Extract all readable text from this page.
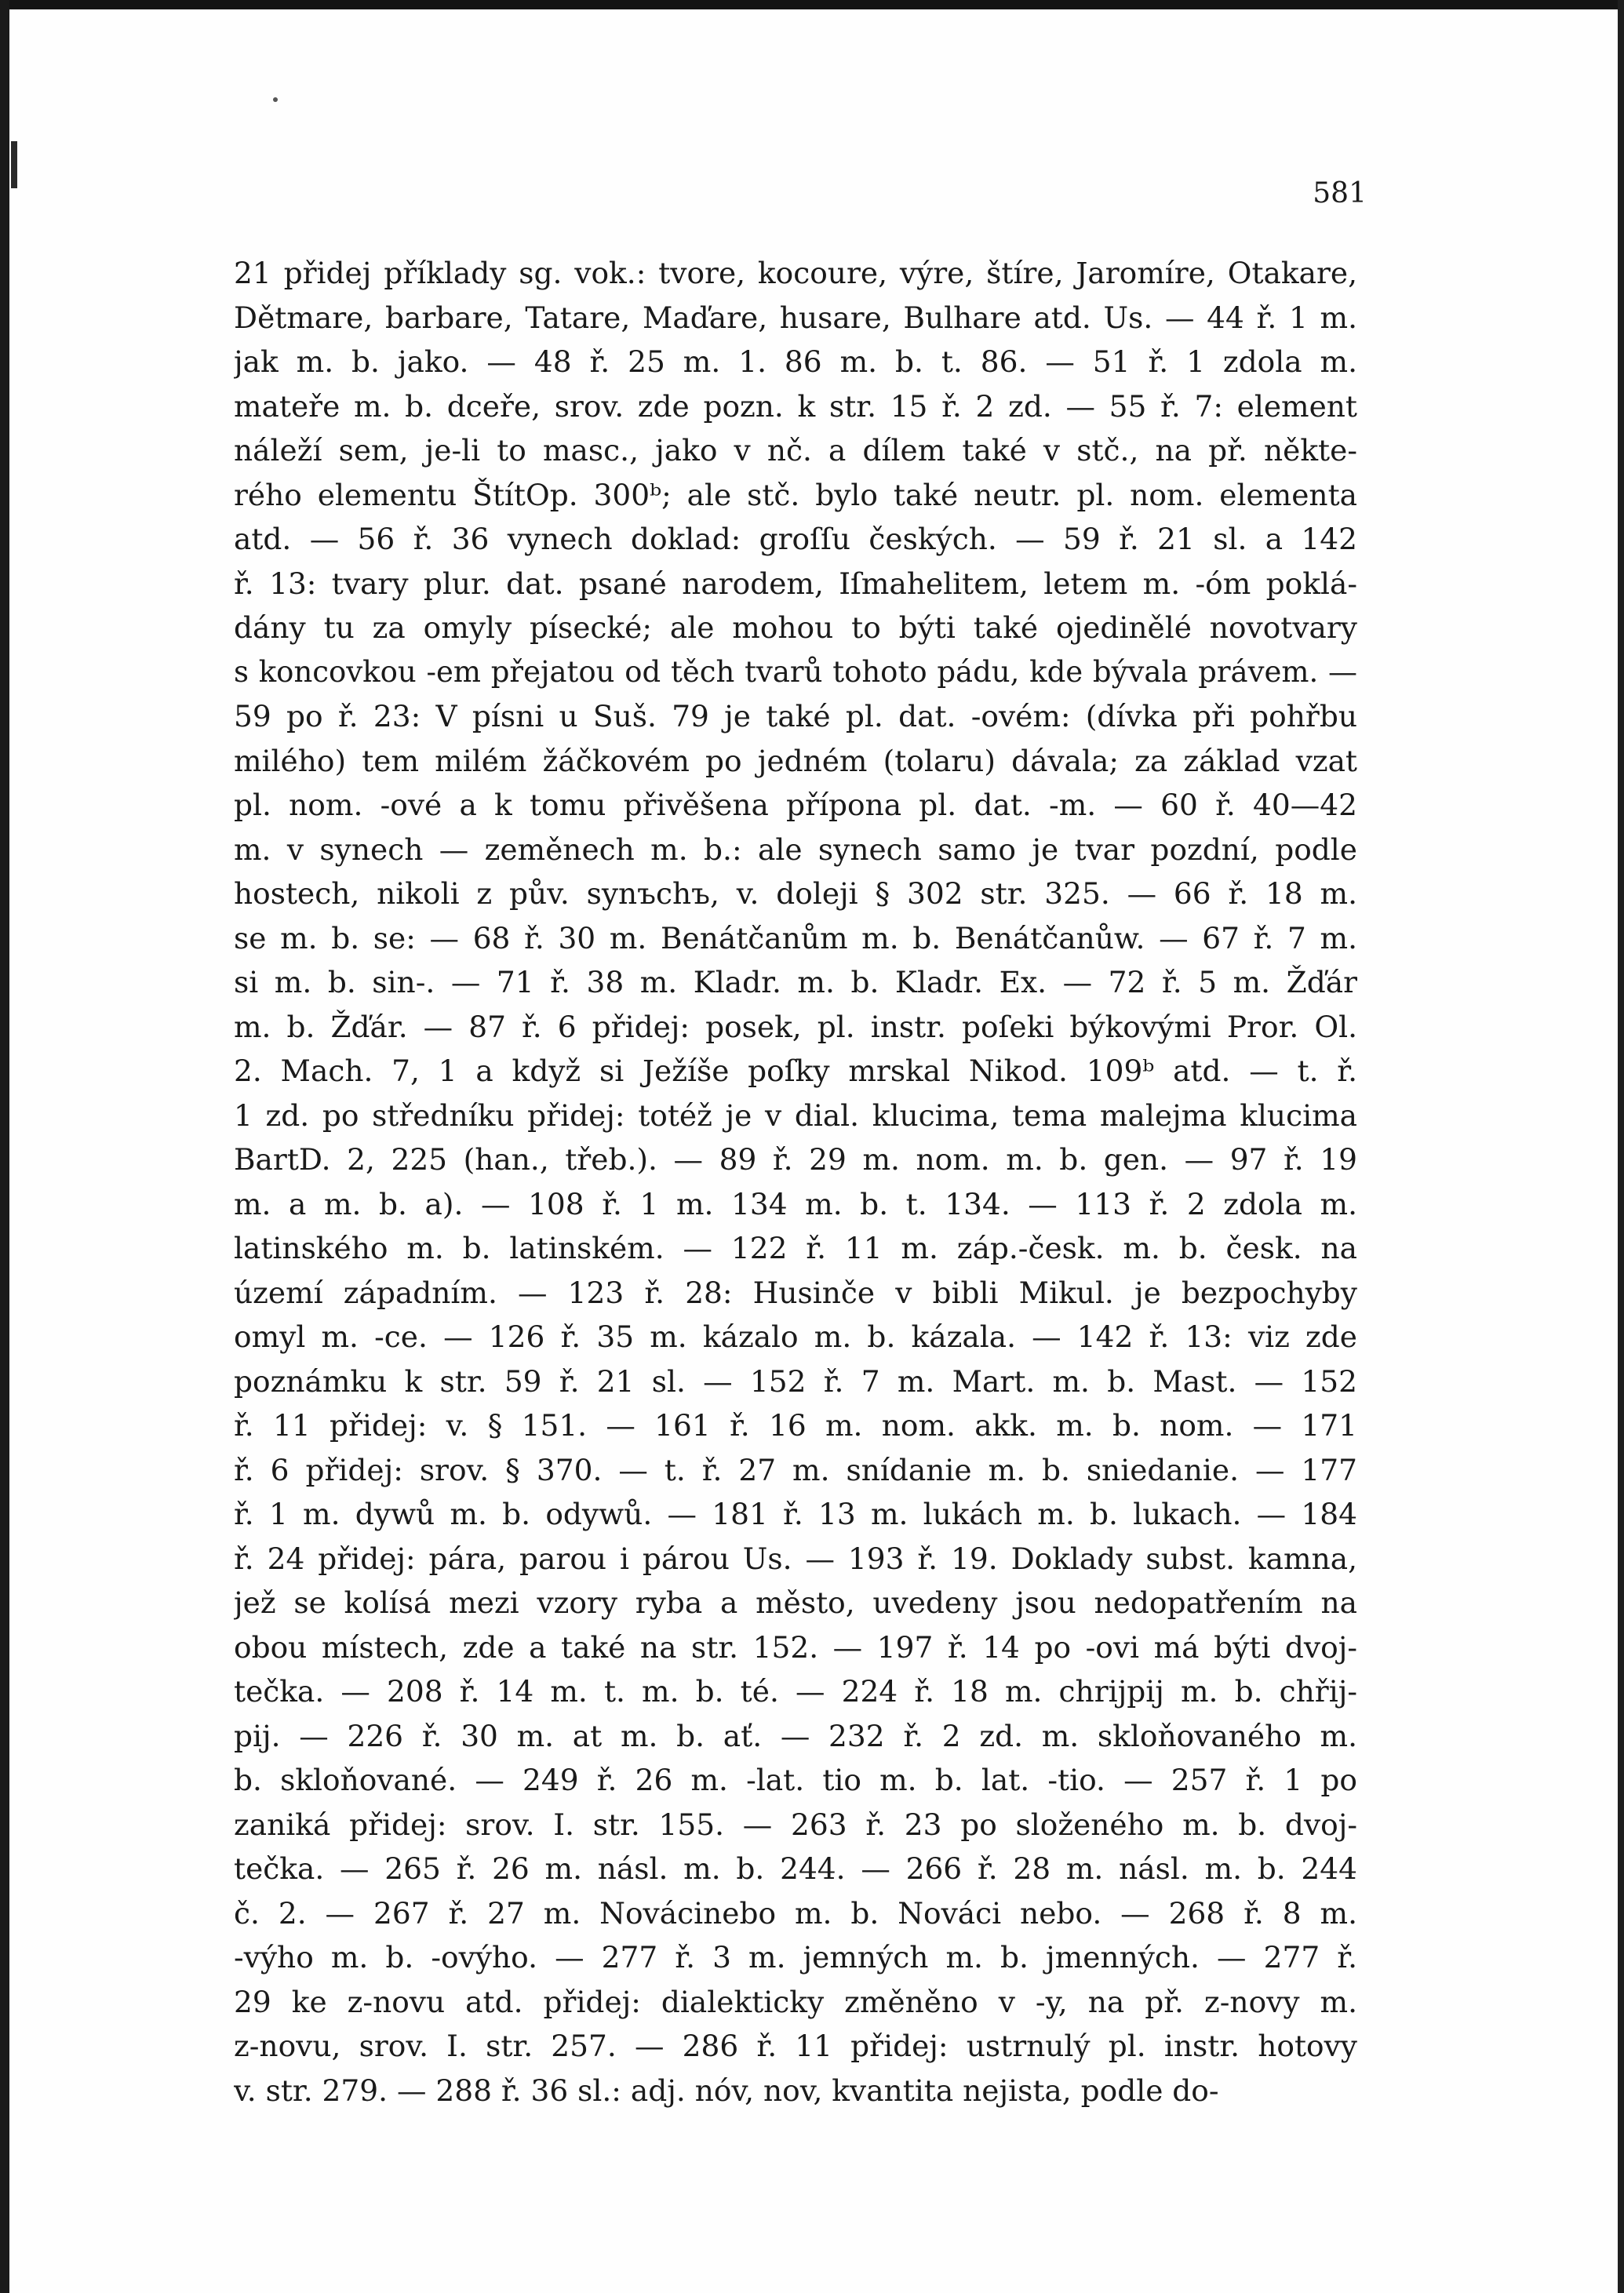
581
21 přidej příklady sg. vok.: tvore, kocoure, výre, štíre, Jaromíre, Otakare,
Dětmare, barbare, Tatare, Maďare, husare, Bulhare atd. Us. — 44 ř. 1 m.
jak m. b. jako. — 48 ř. 25 m. 1. 86 m. b. t. 86. — 51 ř. 1 zdola m.
mateře m. b. dceře, srov. zde pozn. k str. 15 ř. 2 zd. — 55 ř. 7: element
náleží sem, je-li to masc., jako v nč. a dílem také v stč., na př. někte-
rého elementu ŠtítOp. 300ᵇ; ale stč. bylo také neutr. pl. nom. elementa
atd. — 56 ř. 36 vynech doklad: groſſu českých. — 59 ř. 21 sl. a 142
ř. 13: tvary plur. dat. psané narodem, Iſmahelitem, letem m. -óm poklá-
dány tu za omyly písecké; ale mohou to býti také ojedinělé novotvary
s koncovkou -em přejatou od těch tvarů tohoto pádu, kde bývala právem. —
59 po ř. 23: V písni u Suš. 79 je také pl. dat. -ovém: (dívka při pohřbu
milého) tem milém žáčkovém po jedném (tolaru) dávala; za základ vzat
pl. nom. -ové a k tomu přivěšena přípona pl. dat. -m. — 60 ř. 40—42
m. v synech — zeměnech m. b.: ale synech samo je tvar pozdní, podle
hostech, nikoli z pův. synъchъ, v. doleji § 302 str. 325. — 66 ř. 18 m.
se m. b. se: — 68 ř. 30 m. Benátčanům m. b. Benátčanůw. — 67 ř. 7 m.
si m. b. sin-. — 71 ř. 38 m. Kladr. m. b. Kladr. Ex. — 72 ř. 5 m. Žďár
m. b. Žďár. — 87 ř. 6 přidej: posek, pl. instr. poſeki býkovými Pror. Ol.
2. Mach. 7, 1 a když si Ježíše poſky mrskal Nikod. 109ᵇ atd. — t. ř.
1 zd. po středníku přidej: totéž je v dial. klucima, tema malejma klucima
BartD. 2, 225 (han., třeb.). — 89 ř. 29 m. nom. m. b. gen. — 97 ř. 19
m. a m. b. a). — 108 ř. 1 m. 134 m. b. t. 134. — 113 ř. 2 zdola m.
latinského m. b. latinském. — 122 ř. 11 m. záp.-česk. m. b. česk. na
území západním. — 123 ř. 28: Husinče v bibli Mikul. je bezpochyby
omyl m. -ce. — 126 ř. 35 m. kázalo m. b. kázala. — 142 ř. 13: viz zde
poznámku k str. 59 ř. 21 sl. — 152 ř. 7 m. Mart. m. b. Mast. — 152
ř. 11 přidej: v. § 151. — 161 ř. 16 m. nom. akk. m. b. nom. — 171
ř. 6 přidej: srov. § 370. — t. ř. 27 m. snídanie m. b. sniedanie. — 177
ř. 1 m. dywů m. b. odywů. — 181 ř. 13 m. lukách m. b. lukach. — 184
ř. 24 přidej: pára, parou i párou Us. — 193 ř. 19. Doklady subst. kamna,
jež se kolísá mezi vzory ryba a město, uvedeny jsou nedopatřením na
obou místech, zde a také na str. 152. — 197 ř. 14 po -ovi má býti dvoj-
tečka. — 208 ř. 14 m. t. m. b. té. — 224 ř. 18 m. chrijpij m. b. chřij-
pij. — 226 ř. 30 m. at m. b. ať. — 232 ř. 2 zd. m. skloňovaného m.
b. skloňované. — 249 ř. 26 m. -lat. tio m. b. lat. -tio. — 257 ř. 1 po
zaniká přidej: srov. I. str. 155. — 263 ř. 23 po složeného m. b. dvoj-
tečka. — 265 ř. 26 m. násl. m. b. 244. — 266 ř. 28 m. násl. m. b. 244
č. 2. — 267 ř. 27 m. Novácinebo m. b. Nováci nebo. — 268 ř. 8 m.
-výho m. b. -ovýho. — 277 ř. 3 m. jemných m. b. jmenných. — 277 ř.
29 ke z-novu atd. přidej: dialekticky změněno v -y, na př. z-novy m.
z-novu, srov. I. str. 257. — 286 ř. 11 přidej: ustrnulý pl. instr. hotovy
v. str. 279. — 288 ř. 36 sl.: adj. nóv, nov, kvantita nejista, podle do-
